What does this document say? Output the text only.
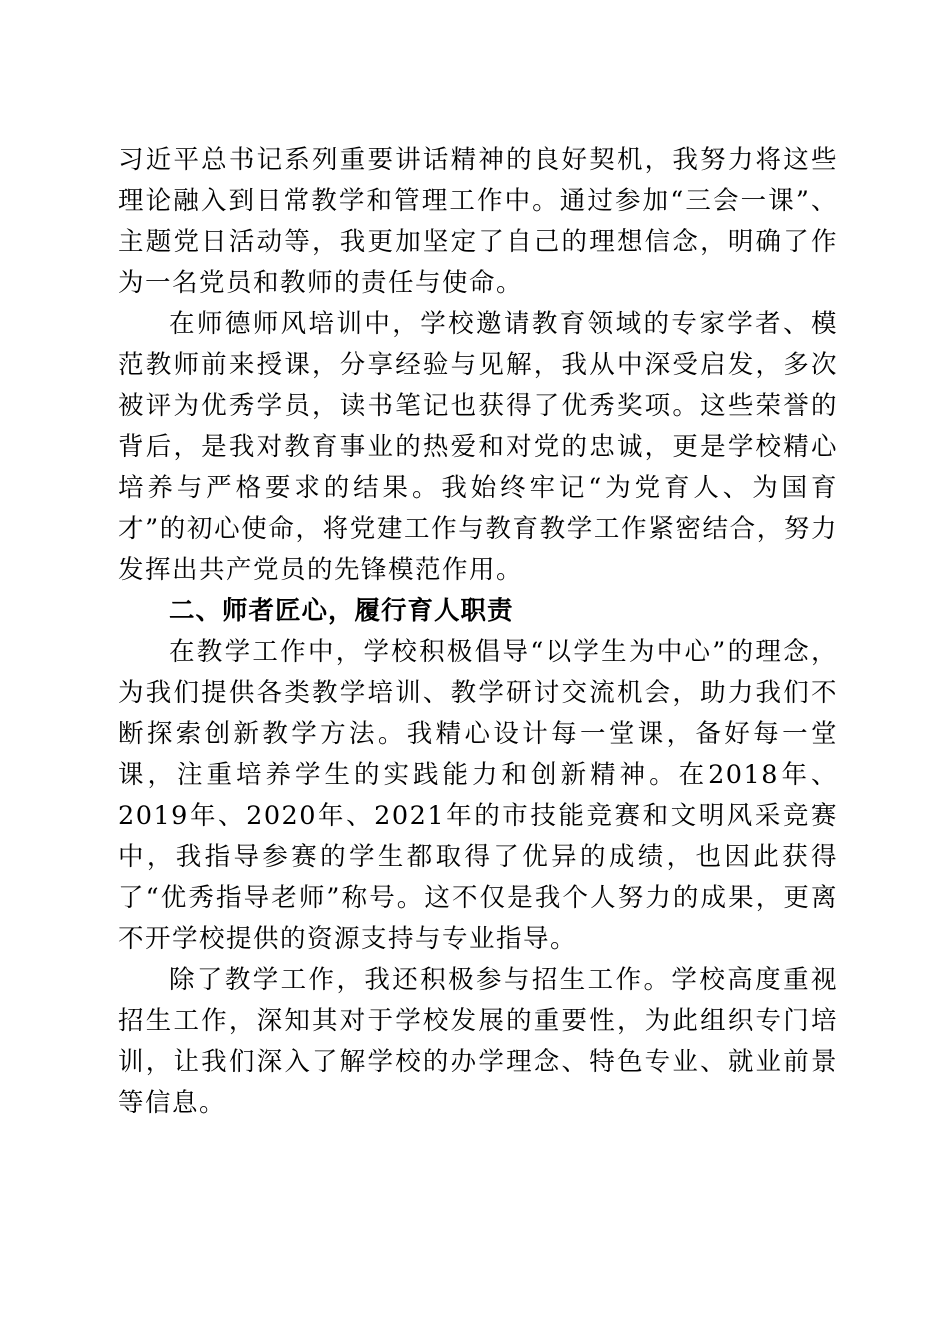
习近平总书记系列重要讲话精神的良好契机，我努力将这些理论融入到日常教学和管理工作中。通过参加“三会一课”、主题党日活动等，我更加坚定了自己的理想信念，明确了作为一名党员和教师的责任与使命。

在师德师风培训中，学校邀请教育领域的专家学者、模范教师前来授课，分享经验与见解，我从中深受启发，多次被评为优秀学员，读书笔记也获得了优秀奖项。这些荣誉的背后，是我对教育事业的热爱和对党的忠诚，更是学校精心培养与严格要求的结果。我始终牢记“为党育人、为国育才”的初心使命，将党建工作与教育教学工作紧密结合，努力发挥出共产党员的先锋模范作用。

二、师者匠心，履行育人职责

在教学工作中，学校积极倡导“以学生为中心”的理念，为我们提供各类教学培训、教学研讨交流机会，助力我们不断探索创新教学方法。我精心设计每一堂课，备好每一堂课，注重培养学生的实践能力和创新精神。在2018年、2019年、2020年、2021年的市技能竞赛和文明风采竞赛中，我指导参赛的学生都取得了优异的成绩，也因此获得了“优秀指导老师”称号。这不仅是我个人努力的成果，更离不开学校提供的资源支持与专业指导。

除了教学工作，我还积极参与招生工作。学校高度重视招生工作，深知其对于学校发展的重要性，为此组织专门培训，让我们深入了解学校的办学理念、特色专业、就业前景等信息。
